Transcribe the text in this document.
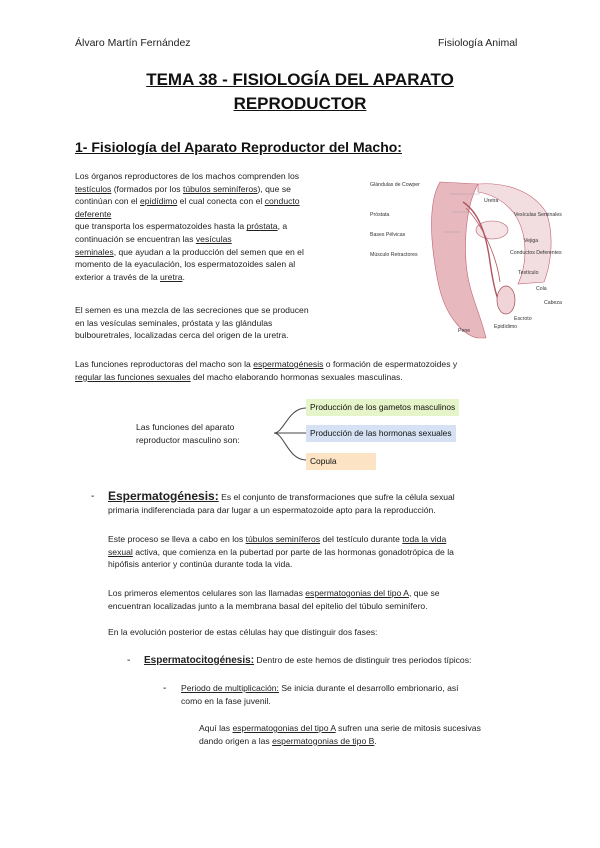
Álvaro Martín Fernández	Fisiología Animal
TEMA 38 - FISIOLOGÍA DEL APARATO
REPRODUCTOR
1- Fisiología del Aparato Reproductor del Macho:
Los órganos reproductores de los machos comprenden los
testículos (formados por los túbulos seminíferos), que se
continúan con el epidídimo el cual conecta con el conducto
deferente
que transporta los espermatozoides hasta la próstata, a
continuación se encuentran las vesículas
seminales, que ayudan a la producción del semen que en el
momento de la eyaculación, los espermatozoides salen al
exterior a través de la uretra.
El semen es una mezcla de las secreciones que se producen
en las vesículas seminales, próstata y las glándulas
bulbouretrales, localizadas cerca del origen de la uretra.
Glándulas de Cowper
Próstata
Uretra
Vesículas Seminales
Bases Pélvicas
Vejiga
Músculo Retractores	Conductos Deferentes
Testículo
Cola
Pene
Epidídimo
Escroto
Cabeza
Las funciones reproductoras del macho son la espermatogénesis o formación de espermatozoides y
regular las funciones sexuales del macho elaborando hormonas sexuales masculinas.
Las funciones del aparato
reproductor masculino son:
Producción de los gametos masculinos
Producción de las hormonas sexuales
Copula
- Espermatogénesis: Es el conjunto de transformaciones que sufre la célula sexual
primaria indiferenciada para dar lugar a un espermatozoide apto para la reproducción.
Este proceso se lleva a cabo en los túbulos seminíferos del testículo durante toda la vida
sexual activa, que comienza en la pubertad por parte de las hormonas gonadotrópica de la
hipófisis anterior y continúa durante toda la vida.
Los primeros elementos celulares son las llamadas espermatogonias del tipo A, que se
encuentran localizadas junto a la membrana basal del epitelio del túbulo seminífero.
En la evolución posterior de estas células hay que distinguir dos fases:
- Espermatocitogénesis: Dentro de este hemos de distinguir tres periodos típicos:
- Periodo de multiplicación: Se inicia durante el desarrollo embrionario, así
como en la fase juvenil.
Aquí las espermatogonias del tipo A sufren una serie de mitosis sucesivas
dando origen a las espermatogonias de tipo B.
